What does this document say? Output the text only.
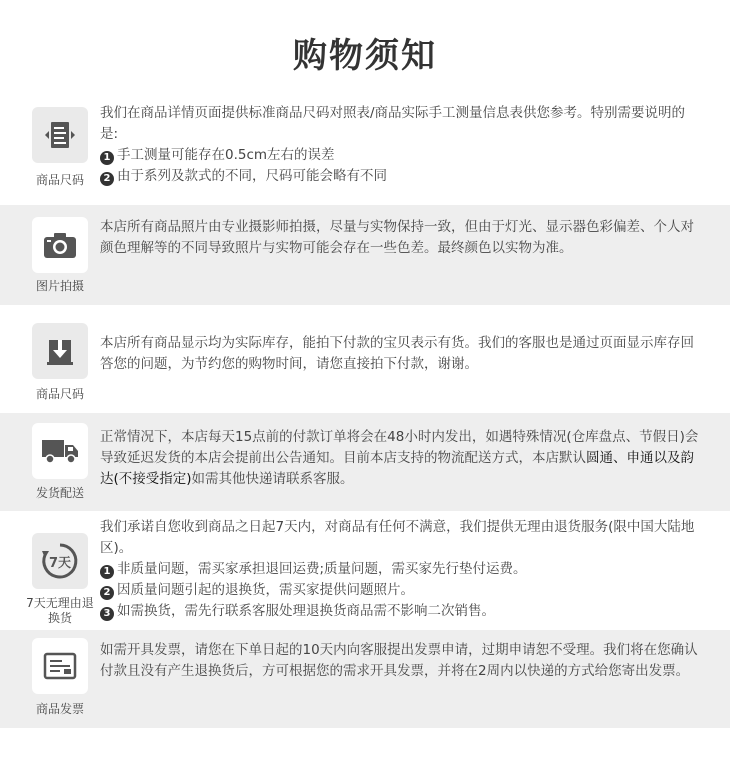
购物须知
商品尺码

我们在商品详情页面提供标准商品尺码对照表/商品实际手工测量信息表供您参考。特别需要说明的是:

1 手工测量可能存在0.5cm左右的误差

2 由于系列及款式的不同，尺码可能会略有不同

图片拍摄

本店所有商品照片由专业摄影师拍摄，尽量与实物保持一致，但由于灯光、显示器色彩偏差、个人对颜色理解等的不同导致照片与实物可能会存在一些色差。最终颜色以实物为准。

商品尺码

本店所有商品显示均为实际库存，能拍下付款的宝贝表示有货。我们的客服也是通过页面显示库存回答您的问题，为节约您的购物时间，请您直接拍下付款，谢谢。

发货配送

正常情况下，本店每天15点前的付款订单将会在48小时内发出，如遇特殊情况(仓库盘点、节假日)会导致延迟发货的本店会提前出公告通知。目前本店支持的物流配送方式，本店默认圆通、申通以及韵达(不接受指定)如需其他快递请联系客服。

7天
7天无理由退换货

我们承诺自您收到商品之日起7天内，对商品有任何不满意，我们提供无理由退货服务(限中国大陆地区)。

1 非质量问题，需买家承担退回运费;质量问题，需买家先行垫付运费。

2 因质量问题引起的退换货，需买家提供问题照片。

3 如需换货，需先行联系客服处理退换货商品需不影响二次销售。

商品发票

如需开具发票，请您在下单日起的10天内向客服提出发票申请，过期申请恕不受理。我们将在您确认付款且没有产生退换货后，方可根据您的需求开具发票，并将在2周内以快递的方式给您寄出发票。
